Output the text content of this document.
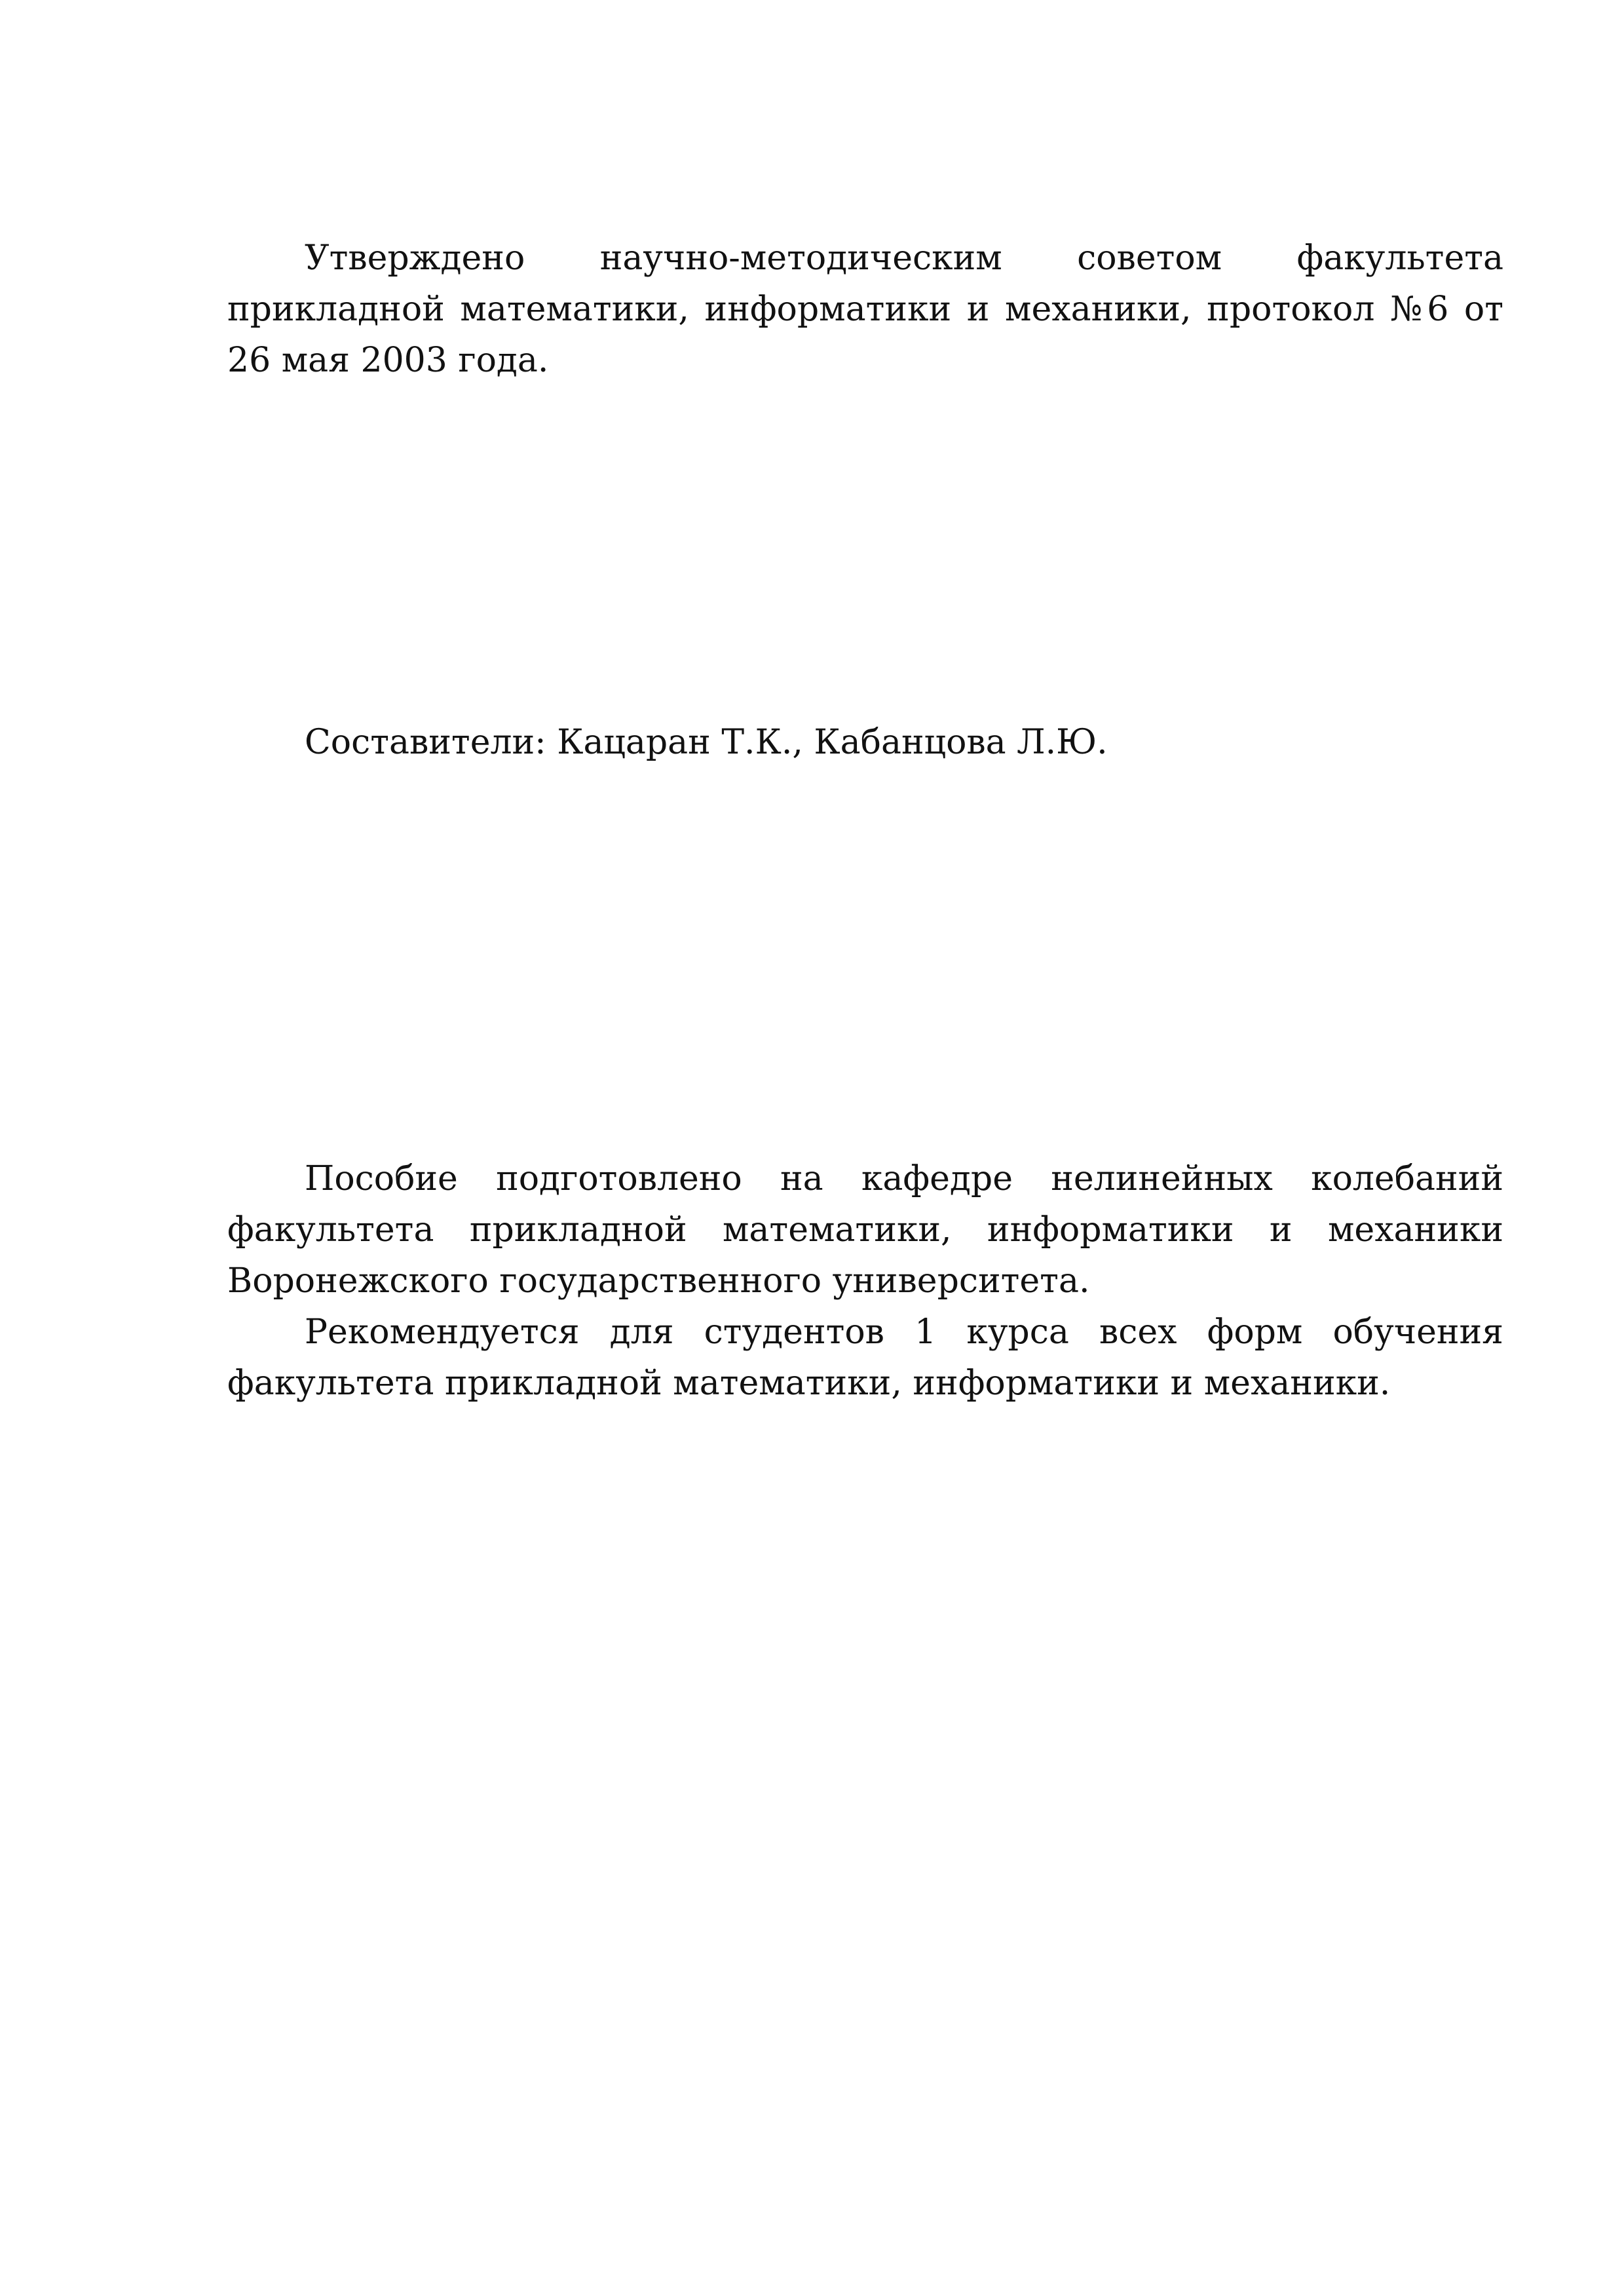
Утверждено научно-методическим советом факультета прикладной математики, информатики и механики, протокол №6 от 26 мая 2003 года.

Составители: Кацаран Т.К., Кабанцова Л.Ю.

Пособие подготовлено на кафедре нелинейных колебаний факультета прикладной математики, информатики и механики Воронежского государственного университета.

Рекомендуется для студентов 1 курса всех форм обучения факультета прикладной математики, информатики и механики.
